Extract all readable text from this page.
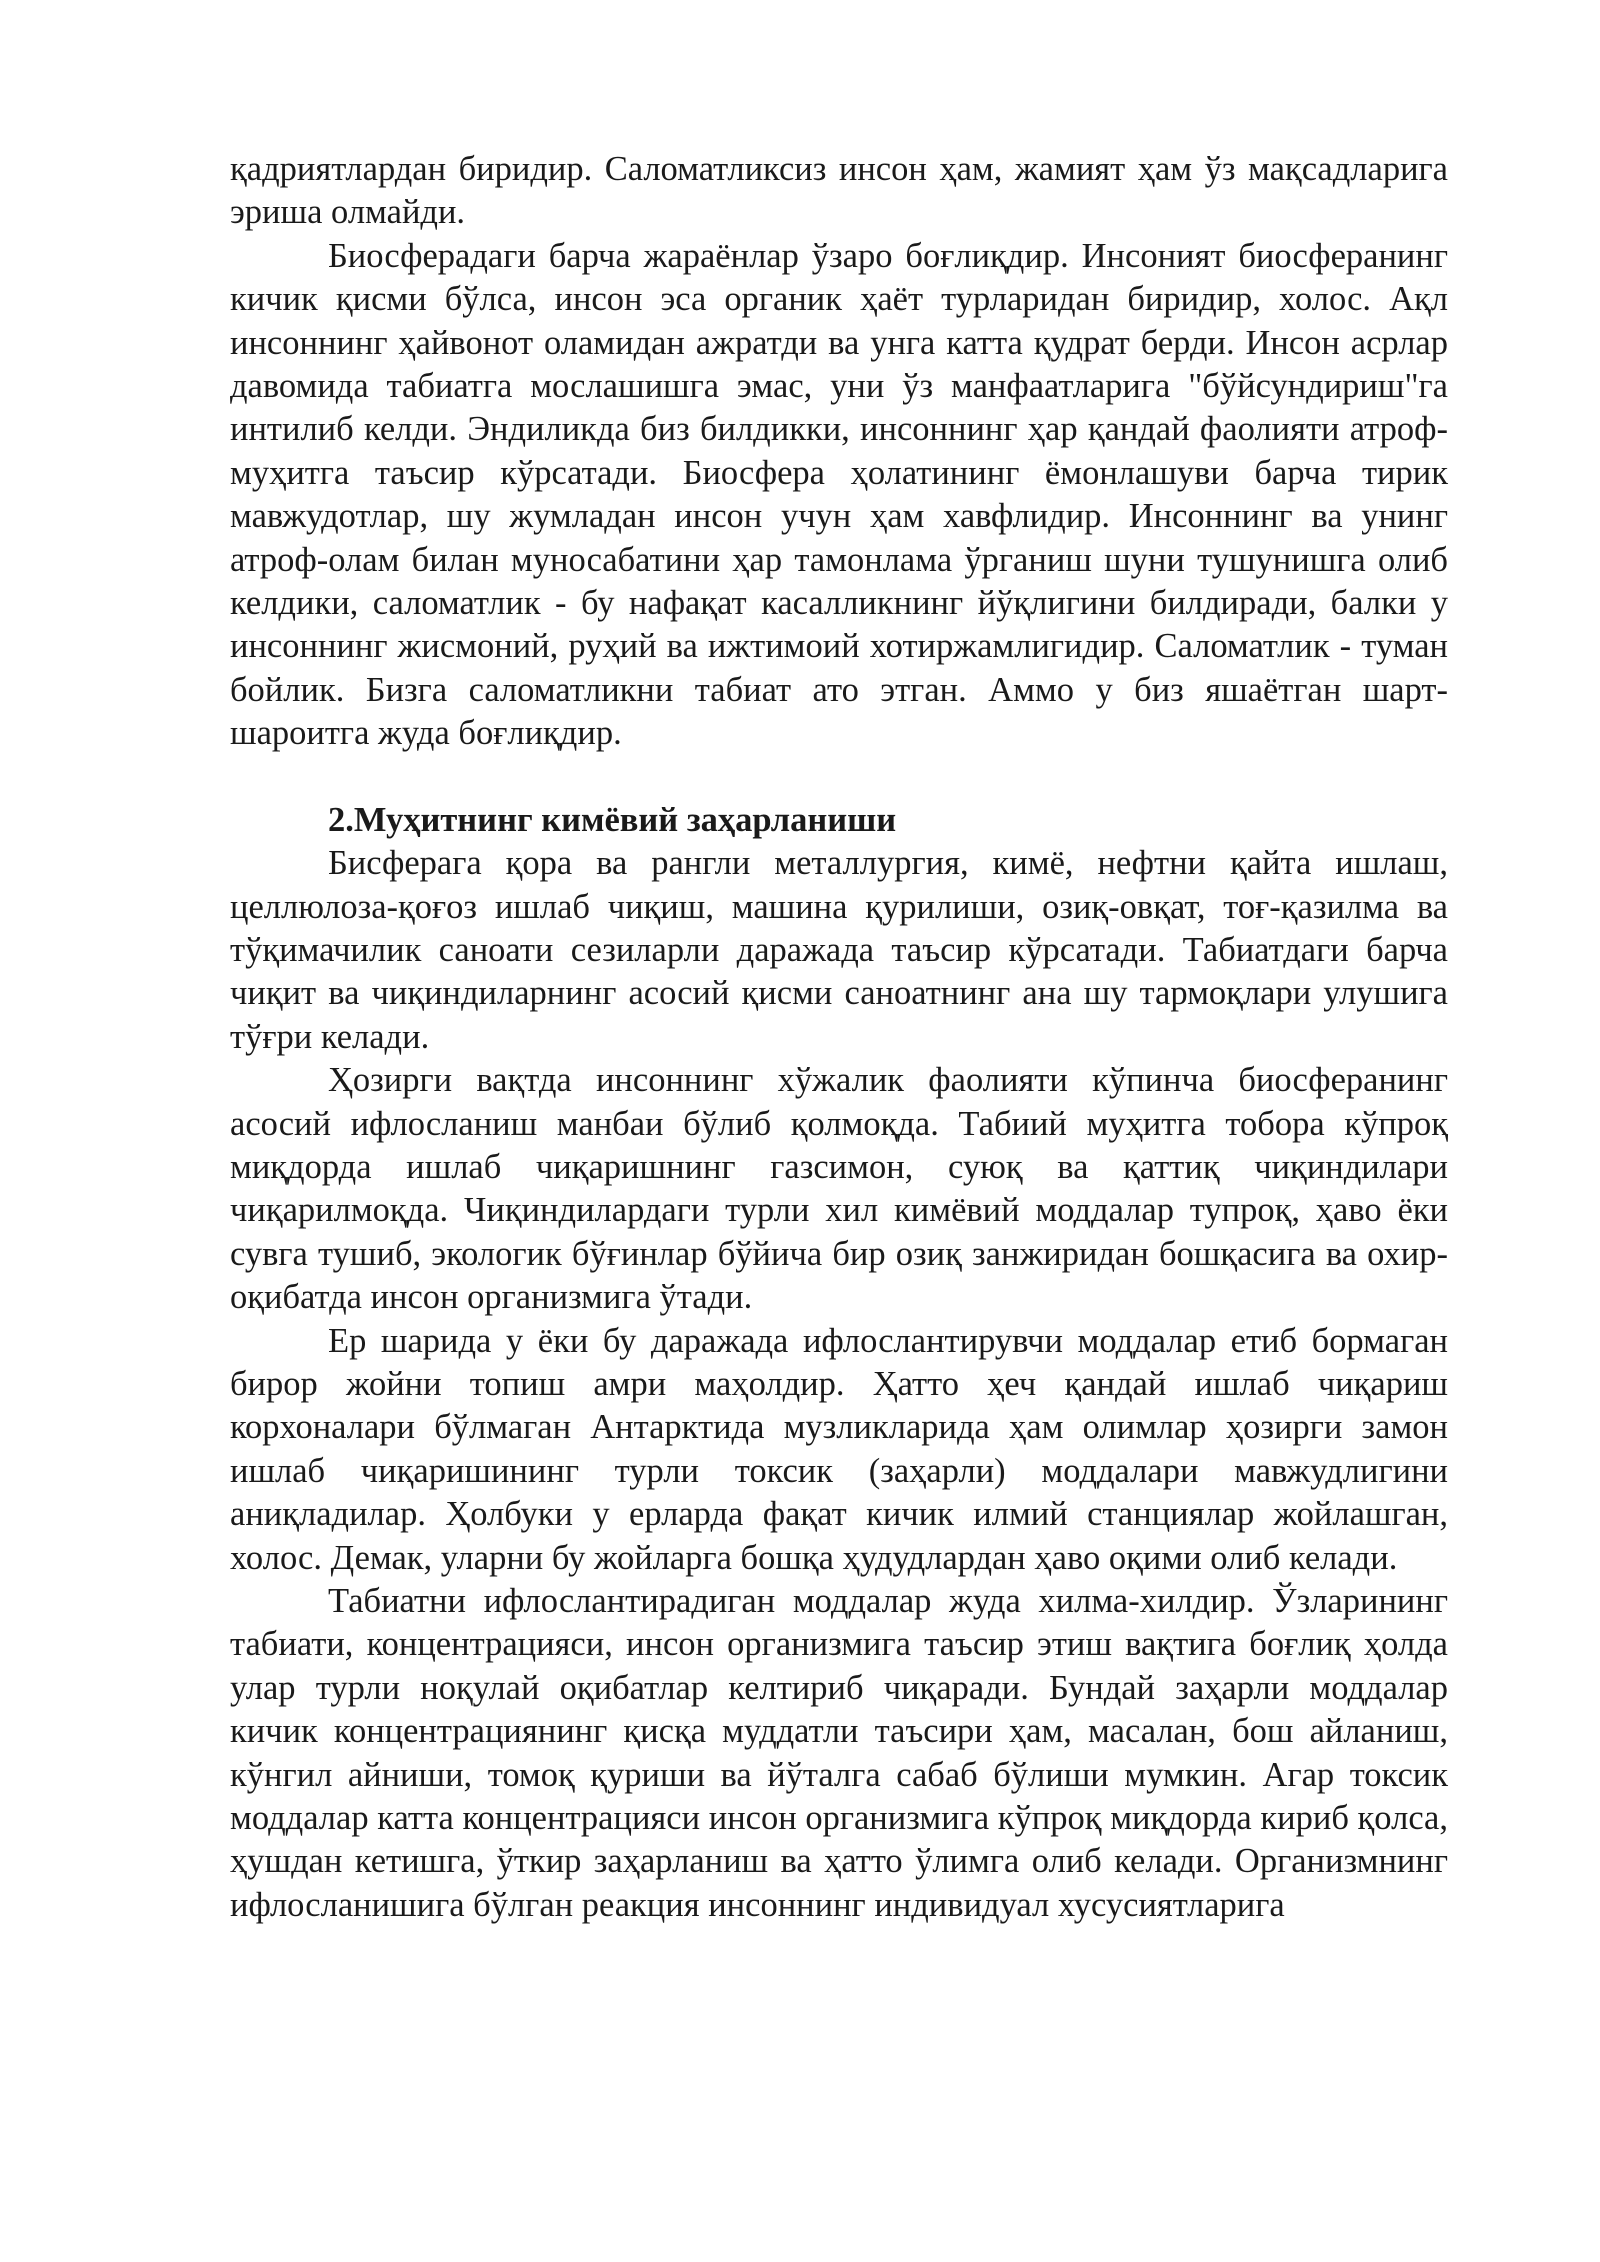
қадриятлардан биридир. Саломатликсиз инсон ҳам, жамият ҳам ўз мақсадларига эриша олмайди.

Биосферадаги барча жараёнлар ўзаро боғлиқдир. Инсоният биосферанинг кичик қисми бўлса, инсон эса органик ҳаёт турларидан биридир, холос. Ақл инсоннинг ҳайвонот оламидан ажратди ва унга катта қудрат берди. Инсон асрлар давомида табиатга мослашишга эмас, уни ўз манфаатларига "бўйсундириш"га интилиб келди. Эндиликда биз билдикки, инсоннинг ҳар қандай фаолияти атроф-муҳитга таъсир кўрсатади. Биосфера ҳолатининг ёмонлашуви барча тирик мавжудотлар, шу жумладан инсон учун ҳам хавфлидир. Инсоннинг ва унинг атроф-олам билан муносабатини ҳар тамонлама ўрганиш шуни тушунишга олиб келдики, саломатлик - бу нафақат касалликнинг йўқлигини билдиради, балки у инсоннинг жисмоний, руҳий ва ижтимоий хотиржамлигидир. Саломатлик - туман бойлик. Бизга саломатликни табиат ато этган. Аммо у биз яшаётган шарт-шароитга жуда боғлиқдир.

2.Муҳитнинг кимёвий заҳарланиши

Бисферага қора ва рангли металлургия, кимё, нефтни қайта ишлаш, целлюлоза-қоғоз ишлаб чиқиш, машина қурилиши, озиқ-овқат, тоғ-қазилма ва тўқимачилик саноати сезиларли даражада таъсир кўрсатади. Табиатдаги барча чиқит ва чиқиндиларнинг асосий қисми саноатнинг ана шу тармоқлари улушига тўғри келади.

Ҳозирги вақтда инсоннинг хўжалик фаолияти кўпинча биосферанинг асосий ифлосланиш манбаи бўлиб қолмоқда. Табиий муҳитга тобора кўпроқ миқдорда ишлаб чиқаришнинг газсимон, суюқ ва қаттиқ чиқиндилари чиқарилмоқда. Чиқиндилардаги турли хил кимёвий моддалар тупроқ, ҳаво ёки сувга тушиб, экологик бўғинлар бўйича бир озиқ занжиридан бошқасига ва охир-оқибатда инсон организмига ўтади.

Ер шарида у ёки бу даражада ифлослантирувчи моддалар етиб бормаган бирор жойни топиш амри маҳолдир. Ҳатто ҳеч қандай ишлаб чиқариш корхоналари бўлмаган Антарктида музликларида ҳам олимлар ҳозирги замон ишлаб чиқаришининг турли токсик (заҳарли) моддалари мавжудлигини аниқладилар. Ҳолбуки у ерларда фақат кичик илмий станциялар жойлашган, холос. Демак, уларни бу жойларга бошқа ҳудудлардан ҳаво оқими олиб келади.

Табиатни ифлослантирадиган моддалар жуда хилма-хилдир. Ўзларининг табиати, концентрацияси, инсон организмига таъсир этиш вақтига боғлиқ ҳолда улар турли ноқулай оқибатлар келтириб чиқаради. Бундай заҳарли моддалар кичик концентрациянинг қисқа муддатли таъсири ҳам, масалан, бош айланиш, кўнгил айниши, томоқ қуриши ва йўталга сабаб бўлиши мумкин. Агар токсик моддалар катта концентрацияси инсон организмига кўпроқ миқдорда кириб қолса, ҳушдан кетишга, ўткир заҳарланиш ва ҳатто ўлимга олиб келади. Организмнинг ифлосланишига бўлган реакция инсоннинг индивидуал хусусиятларига
